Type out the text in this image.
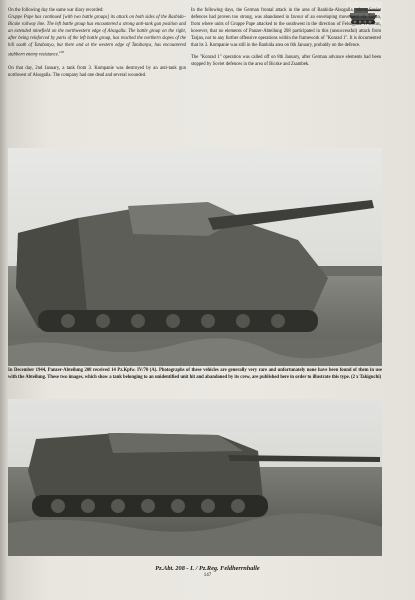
On the following day the same war diary recorded:
Gruppe Pape has continued [with two battle groups] its attack on both sides of the Bashida–Bicske railway line. The left battle group has encountered a strong anti-tank gun position and an extended minefield on the northwestern edge of Alsogalla. The battle group on the right, after being reinforced by parts of the left battle group, has reached the northern slopes of the hill south of Tatabanya, but there and at the western edge of Tatabanya, has encountered stubborn enemy resistance.$^{105}$

On that day, 2nd January, a tank from 3. Kompanie was destroyed by an anti-tank gun northwest of Alsogalla. The company had one dead and several wounded.

In the following days, the German frontal attack in the area of Banhida-Alsogalla, where Soviet defences had proven too strong, was abandoned in favour of an enveloping movement via Tarjan, from where units of Gruppe Pape attacked to the southwest in the direction of Felsogalla. It seems, however, that no elements of Panzer-Abteilung 208 participated in this (unsuccessful) attack from Tarjan, nor to any further offensive operations within the framework of "Konrad 1". It is documented that its 3. Kompanie was still in the Banhida area on 6th January, probably on the defence.

The "Konrad 1" operation was called off on 8th January, after German advance elements had been stopped by Soviet defences in the area of Bicske and Zsambek.

In December 1944, Panzer-Abteilung 208 received 14 Pz.Kpfw. IV/70 (A). Photographs of these vehicles are generally very rare and unfortunately none have been found of them in use with the Abteilung. These two images, which show a tank belonging to an unidentified unit hit and abandoned by its crew, are published here in order to illustrate this type. (2 x Takiguchi)
Pz.Abt. 208 - I. / Pz.Reg. Feldherrnhalle
147
